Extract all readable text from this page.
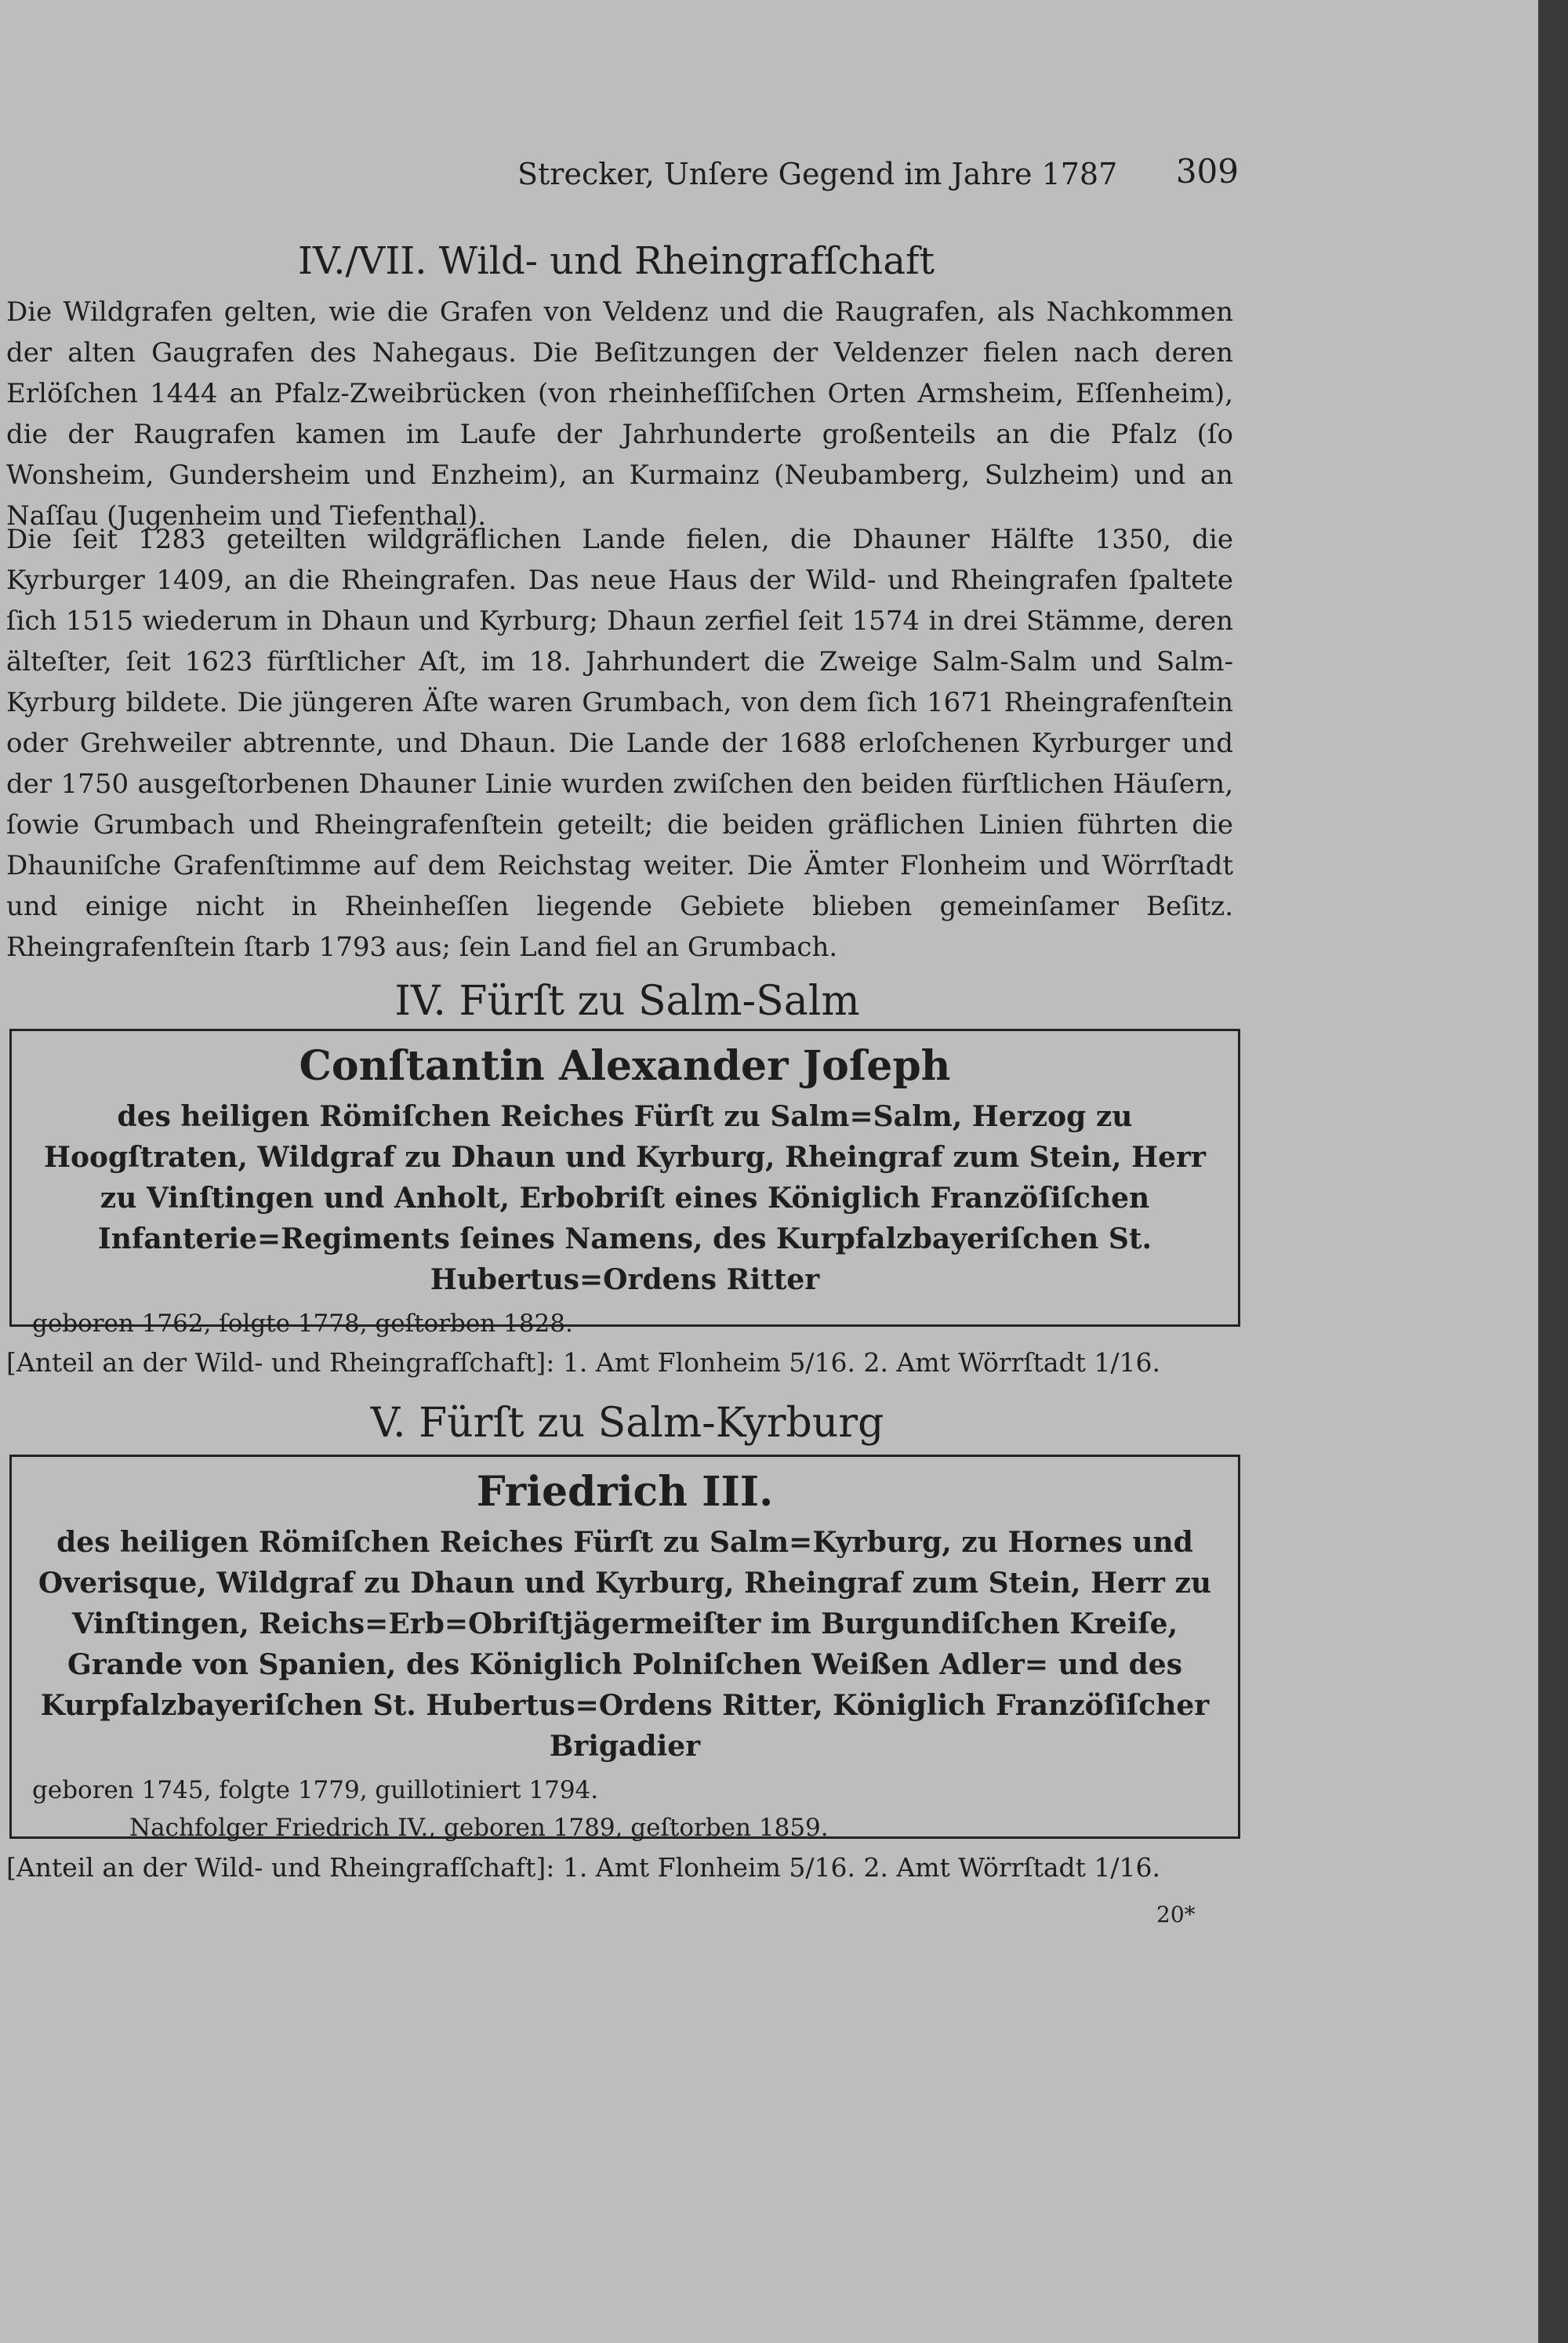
Strecker, Unſere Gegend im Jahre 1787 309
IV./VII. Wild- und Rheingrafſchaft
Die Wildgrafen gelten, wie die Grafen von Veldenz und die Raugrafen, als Nachkommen der alten Gaugrafen des Nahegaus. Die Beſitzungen der Veldenzer fielen nach deren Erlöſchen 1444 an Pfalz-Zweibrücken (von rheinheſſiſchen Orten Armsheim, Eſſenheim), die der Raugrafen kamen im Laufe der Jahrhunderte großenteils an die Pfalz (ſo Wonsheim, Gundersheim und Enzheim), an Kurmainz (Neubamberg, Sulzheim) und an Naſſau (Jugenheim und Tiefenthal).
Die ſeit 1283 geteilten wildgräflichen Lande fielen, die Dhauner Hälfte 1350, die Kyrburger 1409, an die Rheingrafen. Das neue Haus der Wild- und Rheingrafen ſpaltete ſich 1515 wiederum in Dhaun und Kyrburg; Dhaun zerfiel ſeit 1574 in drei Stämme, deren älteſter, ſeit 1623 fürſtlicher Aſt, im 18. Jahrhundert die Zweige Salm-Salm und Salm-Kyrburg bildete. Die jüngeren Äſte waren Grumbach, von dem ſich 1671 Rheingrafenſtein oder Grehweiler abtrennte, und Dhaun. Die Lande der 1688 erloſchenen Kyrburger und der 1750 ausgeſtorbenen Dhauner Linie wurden zwiſchen den beiden fürſtlichen Häuſern, ſowie Grumbach und Rheingrafenſtein geteilt; die beiden gräflichen Linien führten die Dhauniſche Grafenſtimme auf dem Reichstag weiter. Die Ämter Flonheim und Wörrſtadt und einige nicht in Rheinheſſen liegende Gebiete blieben gemeinſamer Beſitz. Rheingrafenſtein ſtarb 1793 aus; ſein Land fiel an Grumbach.
IV. Fürſt zu Salm-Salm
Conſtantin Alexander Joſeph
des heiligen Römiſchen Reiches Fürſt zu Salm=Salm, Herzog zu Hoogſtraten, Wildgraf zu Dhaun und Kyrburg, Rheingraf zum Stein, Herr zu Vinſtingen und Anholt, Erbobriſt eines Königlich Franzöſiſchen Infanterie=Regiments ſeines Namens, des Kurpfalzbayeriſchen St. Hubertus=Ordens Ritter
geboren 1762, ſolgte 1778, geſtorben 1828.
[Anteil an der Wild- und Rheingrafſchaft]: 1. Amt Flonheim 5/16. 2. Amt Wörrſtadt 1/16.
V. Fürſt zu Salm-Kyrburg
Friedrich III.
des heiligen Römiſchen Reiches Fürſt zu Salm=Kyrburg, zu Hornes und Overisque, Wildgraf zu Dhaun und Kyrburg, Rheingraf zum Stein, Herr zu Vinſtingen, Reichs=Erb=Obriſtjägermeiſter im Burgundiſchen Kreiſe, Grande von Spanien, des Königlich Polniſchen Weißen Adler= und des Kurpfalzbayeriſchen St. Hubertus=Ordens Ritter, Königlich Franzöſiſcher Brigadier
geboren 1745, folgte 1779, guillotiniert 1794.
Nachfolger Friedrich IV., geboren 1789, geſtorben 1859.
[Anteil an der Wild- und Rheingrafſchaft]: 1. Amt Flonheim 5/16. 2. Amt Wörrſtadt 1/16.
20*
